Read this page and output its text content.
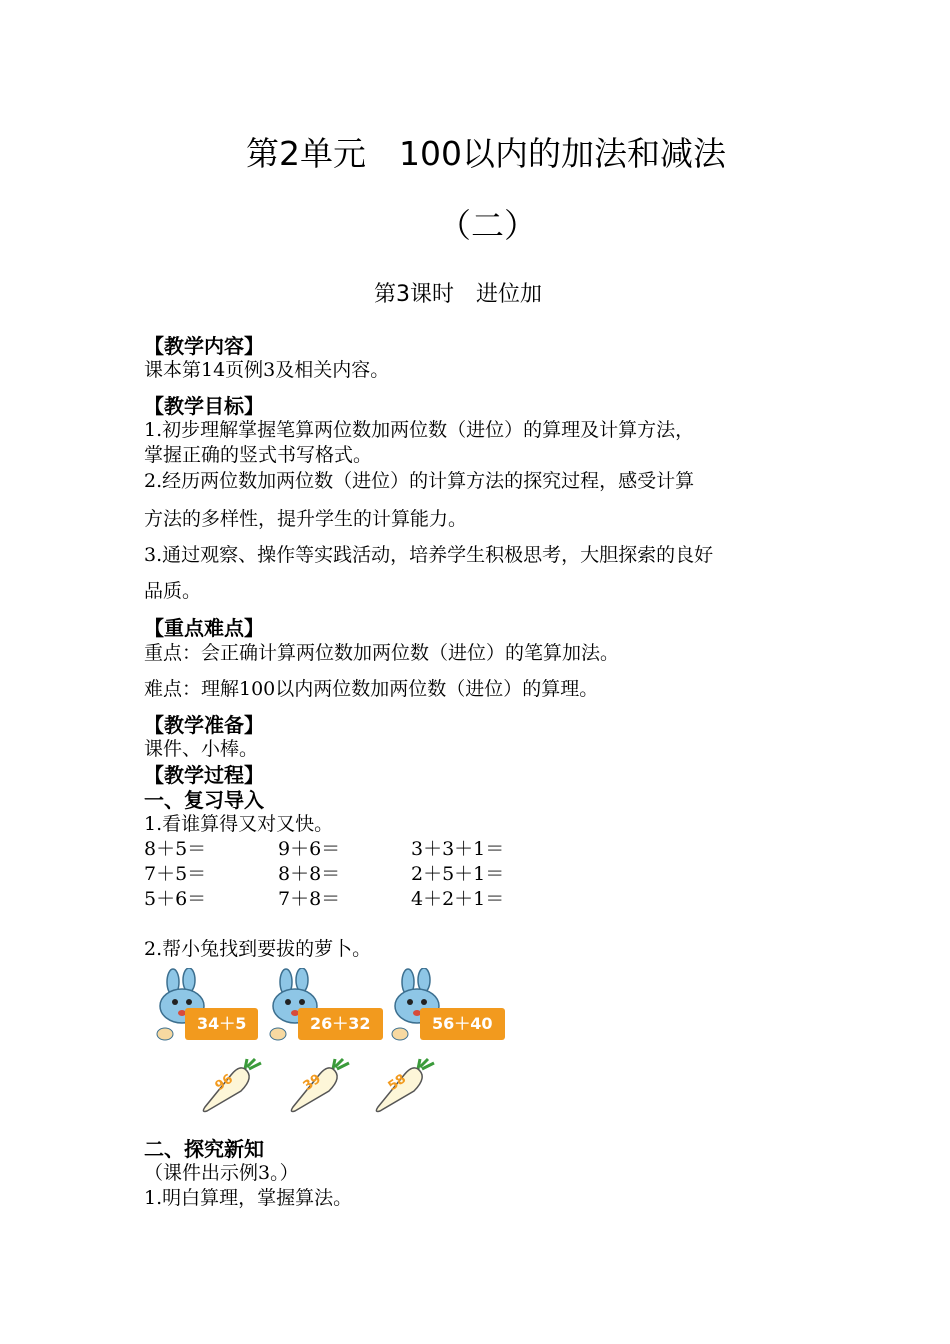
第2单元　100以内的加法和减法
（二）
第3课时　进位加
【教学内容】
课本第14页例3及相关内容。
【教学目标】
1.初步理解掌握笔算两位数加两位数（进位）的算理及计算方法，
掌握正确的竖式书写格式。
2.经历两位数加两位数（进位）的计算方法的探究过程，感受计算
方法的多样性，提升学生的计算能力。
3.通过观察、操作等实践活动，培养学生积极思考，大胆探索的良好
品质。
【重点难点】
重点：会正确计算两位数加两位数（进位）的笔算加法。
难点：理解100以内两位数加两位数（进位）的算理。
【教学准备】
课件、小棒。
【教学过程】
一、复习导入
1.看谁算得又对又快。
8＋5＝	9＋6＝	3＋3＋1＝
7＋5＝	8＋8＝	2＋5＋1＝
5＋6＝	7＋8＝	4＋2＋1＝
2.帮小兔找到要拔的萝卜。
34＋5	26＋32	56＋40
96	39	58
二、探究新知
（课件出示例3。）
1.明白算理，掌握算法。
